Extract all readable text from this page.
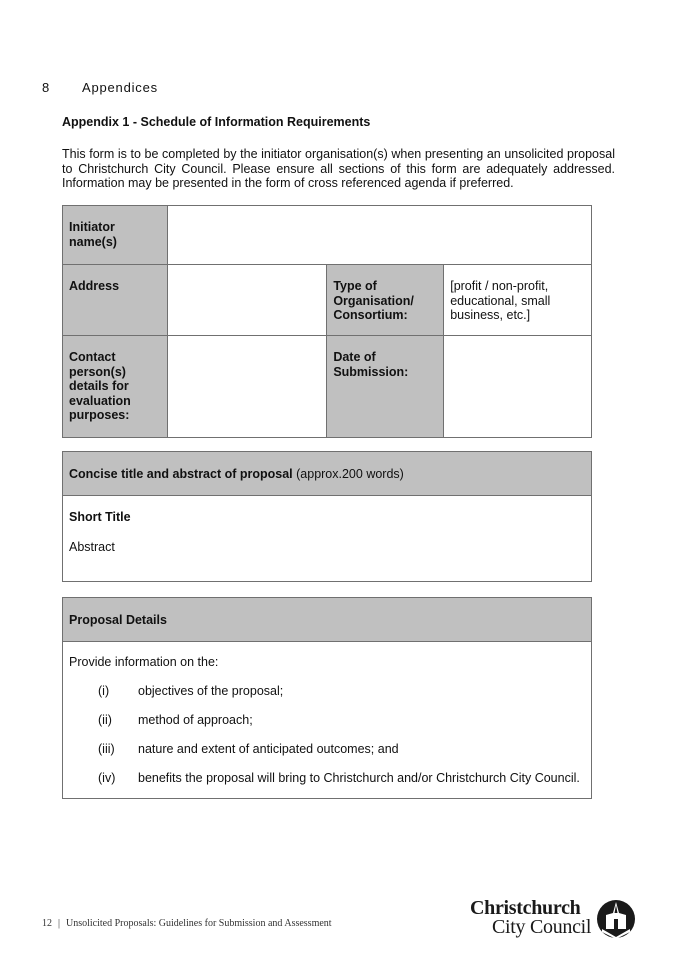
8 Appendices
Appendix 1 - Schedule of Information Requirements
This form is to be completed by the initiator organisation(s) when presenting an unsolicited proposal to Christchurch City Council. Please ensure all sections of this form are adequately addressed. Information may be presented in the form of cross referenced agenda if preferred.
Initiator name(s)			

Address		Type of Organisation/ Consortium:	[profit / non-profit, educational, small business, etc.]

Contact person(s) details for evaluation purposes:		Date of Submission:	

Concise title and abstract of proposal (approx.200 words)
Short Title
Abstract
Proposal Details
Provide information on the:
(i) objectives of the proposal;
(ii) method of approach;
(iii) nature and extent of anticipated outcomes; and
(iv) benefits the proposal will bring to Christchurch and/or Christchurch City Council.
12 | Unsolicited Proposals: Guidelines for Submission and Assessment
Christchurch
City Council
